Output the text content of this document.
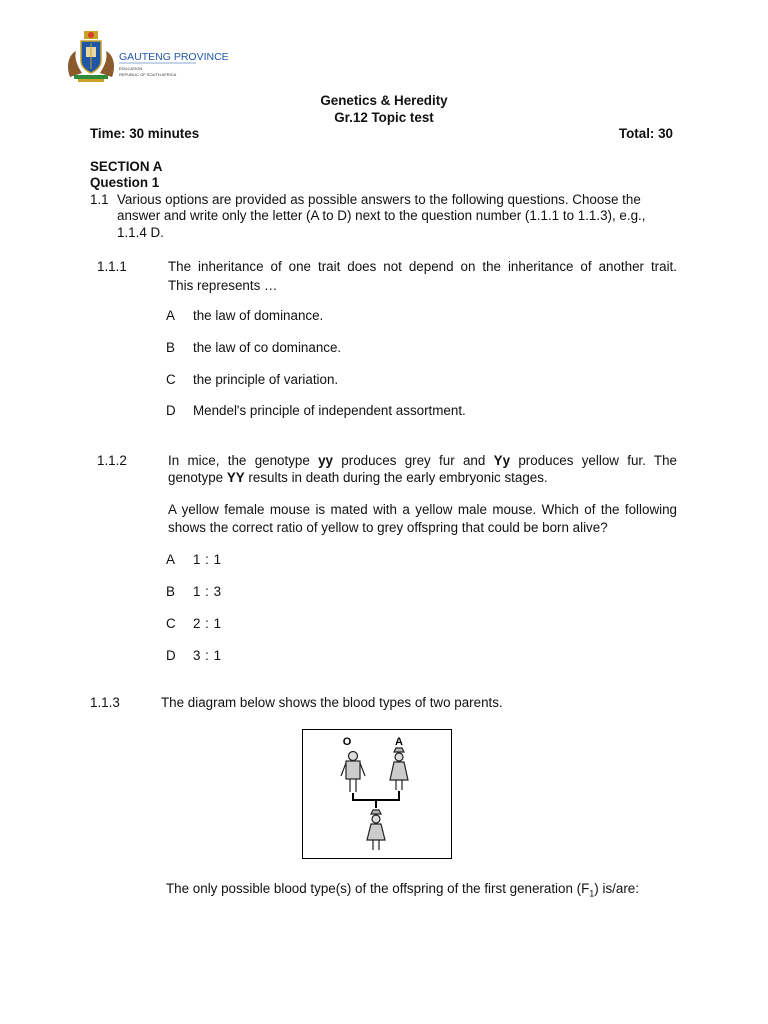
GAUTENG PROVINCE
EDUCATION
REPUBLIC OF SOUTH AFRICA
Genetics & Heredity
Gr.12 Topic test
Time: 30 minutes	Total: 30
SECTION A
Question 1
1.1 Various options are provided as possible answers to the following questions. Choose the
answer and write only the letter (A to D) next to the question number (1.1.1 to 1.1.3), e.g.,
1.1.4 D.
1.1.1	The inheritance of one trait does not depend on the inheritance of another trait.
This represents …
A the law of dominance.
B the law of co dominance.
C the principle of variation.
D Mendel's principle of independent assortment.
1.1.2	In mice, the genotype yy produces grey fur and Yy produces yellow fur. The
genotype YY results in death during the early embryonic stages.
A yellow female mouse is mated with a yellow male mouse. Which of the following
shows the correct ratio of yellow to grey offspring that could be born alive?
A 1 : 1
B 1 : 3
C 2 : 1
D 3 : 1
1.1.3	The diagram below shows the blood types of two parents.
O	A
The only possible blood type(s) of the offspring of the first generation $(F_1)$ is/are:
